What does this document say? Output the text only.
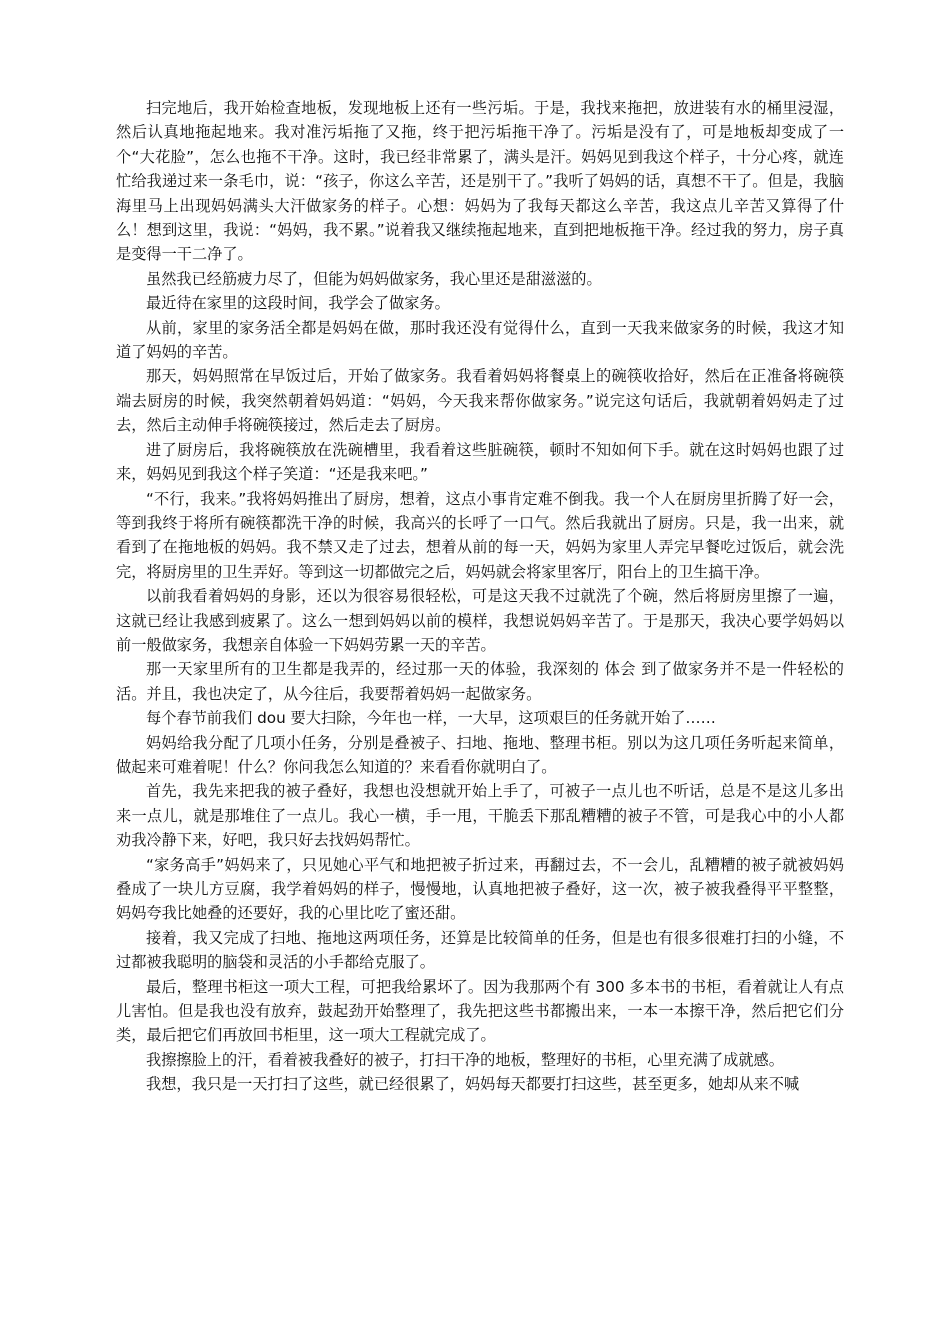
扫完地后，我开始检查地板，发现地板上还有一些污垢。于是，我找来拖把，放进装有水的桶里浸湿，然后认真地拖起地来。我对准污垢拖了又拖，终于把污垢拖干净了。污垢是没有了，可是地板却变成了一个“大花脸”，怎么也拖不干净。这时，我已经非常累了，满头是汗。妈妈见到我这个样子，十分心疼，就连忙给我递过来一条毛巾，说：“孩子，你这么辛苦，还是别干了。”我听了妈妈的话，真想不干了。但是，我脑海里马上出现妈妈满头大汗做家务的样子。心想：妈妈为了我每天都这么辛苦，我这点儿辛苦又算得了什么！想到这里，我说：“妈妈，我不累。”说着我又继续拖起地来，直到把地板拖干净。经过我的努力，房子真是变得一干二净了。

虽然我已经筋疲力尽了，但能为妈妈做家务，我心里还是甜滋滋的。

最近待在家里的这段时间，我学会了做家务。

从前，家里的家务活全都是妈妈在做，那时我还没有觉得什么，直到一天我来做家务的时候，我这才知道了妈妈的辛苦。

那天，妈妈照常在早饭过后，开始了做家务。我看着妈妈将餐桌上的碗筷收拾好，然后在正准备将碗筷端去厨房的时候，我突然朝着妈妈道：“妈妈，今天我来帮你做家务。”说完这句话后，我就朝着妈妈走了过去，然后主动伸手将碗筷接过，然后走去了厨房。

进了厨房后，我将碗筷放在洗碗槽里，我看着这些脏碗筷，顿时不知如何下手。就在这时妈妈也跟了过来，妈妈见到我这个样子笑道：“还是我来吧。”

“不行，我来。”我将妈妈推出了厨房，想着，这点小事肯定难不倒我。我一个人在厨房里折腾了好一会，等到我终于将所有碗筷都洗干净的时候，我高兴的长呼了一口气。然后我就出了厨房。只是，我一出来，就看到了在拖地板的妈妈。我不禁又走了过去，想着从前的每一天，妈妈为家里人弄完早餐吃过饭后，就会洗完，将厨房里的卫生弄好。等到这一切都做完之后，妈妈就会将家里客厅，阳台上的卫生搞干净。

以前我看着妈妈的身影，还以为很容易很轻松，可是这天我不过就洗了个碗，然后将厨房里擦了一遍，这就已经让我感到疲累了。这么一想到妈妈以前的模样，我想说妈妈辛苦了。于是那天，我决心要学妈妈以前一般做家务，我想亲自体验一下妈妈劳累一天的辛苦。

那一天家里所有的卫生都是我弄的，经过那一天的体验，我深刻的 体会 到了做家务并不是一件轻松的活。并且，我也决定了，从今往后，我要帮着妈妈一起做家务。

每个春节前我们 dou 要大扫除，今年也一样，一大早，这项艰巨的任务就开始了……

妈妈给我分配了几项小任务，分别是叠被子、扫地、拖地、整理书柜。别以为这几项任务听起来简单，做起来可难着呢！什么？你问我怎么知道的？来看看你就明白了。

首先，我先来把我的被子叠好，我想也没想就开始上手了，可被子一点儿也不听话，总是不是这儿多出来一点儿，就是那堆住了一点儿。我心一横，手一甩，干脆丢下那乱糟糟的被子不管，可是我心中的小人都劝我冷静下来，好吧，我只好去找妈妈帮忙。

“家务高手”妈妈来了，只见她心平气和地把被子折过来，再翻过去，不一会儿，乱糟糟的被子就被妈妈叠成了一块儿方豆腐，我学着妈妈的样子，慢慢地，认真地把被子叠好，这一次，被子被我叠得平平整整，妈妈夸我比她叠的还要好，我的心里比吃了蜜还甜。

接着，我又完成了扫地、拖地这两项任务，还算是比较简单的任务，但是也有很多很难打扫的小缝，不过都被我聪明的脑袋和灵活的小手都给克服了。

最后，整理书柜这一项大工程，可把我给累坏了。因为我那两个有 300 多本书的书柜，看着就让人有点儿害怕。但是我也没有放弃，鼓起劲开始整理了，我先把这些书都搬出来，一本一本擦干净，然后把它们分类，最后把它们再放回书柜里，这一项大工程就完成了。

我擦擦脸上的汗，看着被我叠好的被子，打扫干净的地板，整理好的书柜，心里充满了成就感。

我想，我只是一天打扫了这些，就已经很累了，妈妈每天都要打扫这些，甚至更多，她却从来不喊
